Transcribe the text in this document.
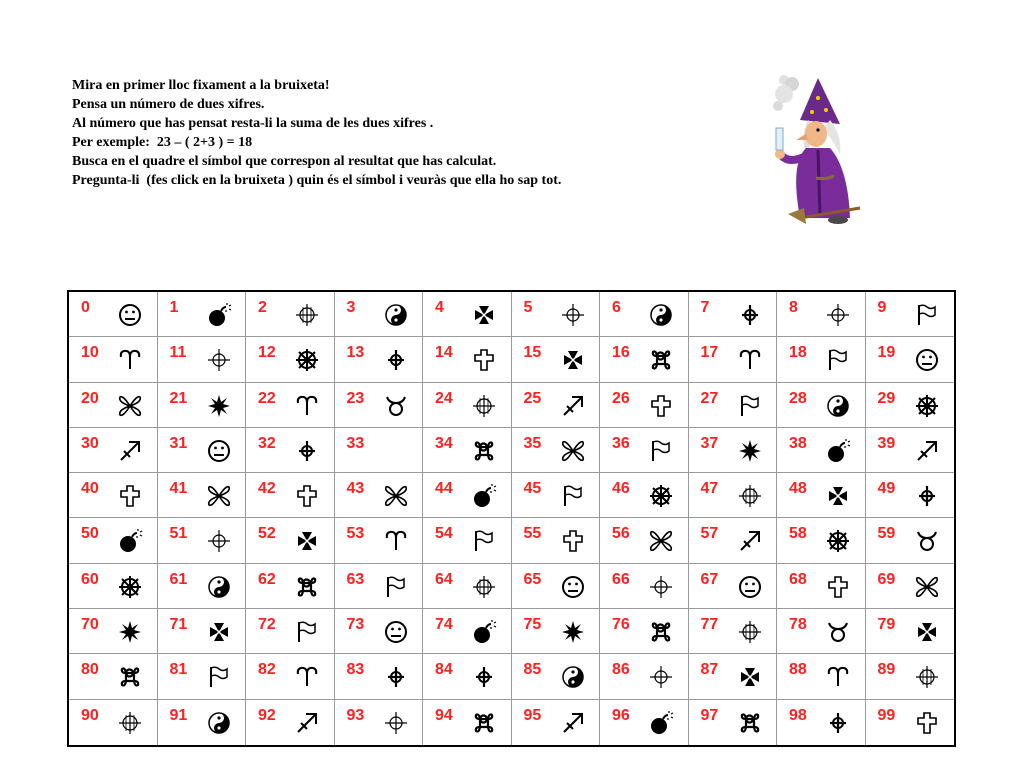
Mira en primer lloc fixament a la bruixeta!
Pensa un número de dues xifres.
Al número que has pensat resta-li la suma de les dues xifres .
Per exemple:  23 – ( 2+3 ) = 18
Busca en el quadre el símbol que correspon al resultat que has calculat.
Pregunta-li  (fes click en la bruixeta ) quin és el símbol i veuràs que ella ho sap tot.
0	1	2	3	4	5	6	7	8	9
10	11	12	13	14	15	16	17	18	19
20	21	22	23	24	25	26	27	28	29
30	31	32	33	34	35	36	37	38	39
40	41	42	43	44	45	46	47	48	49
50	51	52	53	54	55	56	57	58	59
60	61	62	63	64	65	66	67	68	69
70	71	72	73	74	75	76	77	78	79
80	81	82	83	84	85	86	87	88	89
90	91	92	93	94	95	96	97	98	99
